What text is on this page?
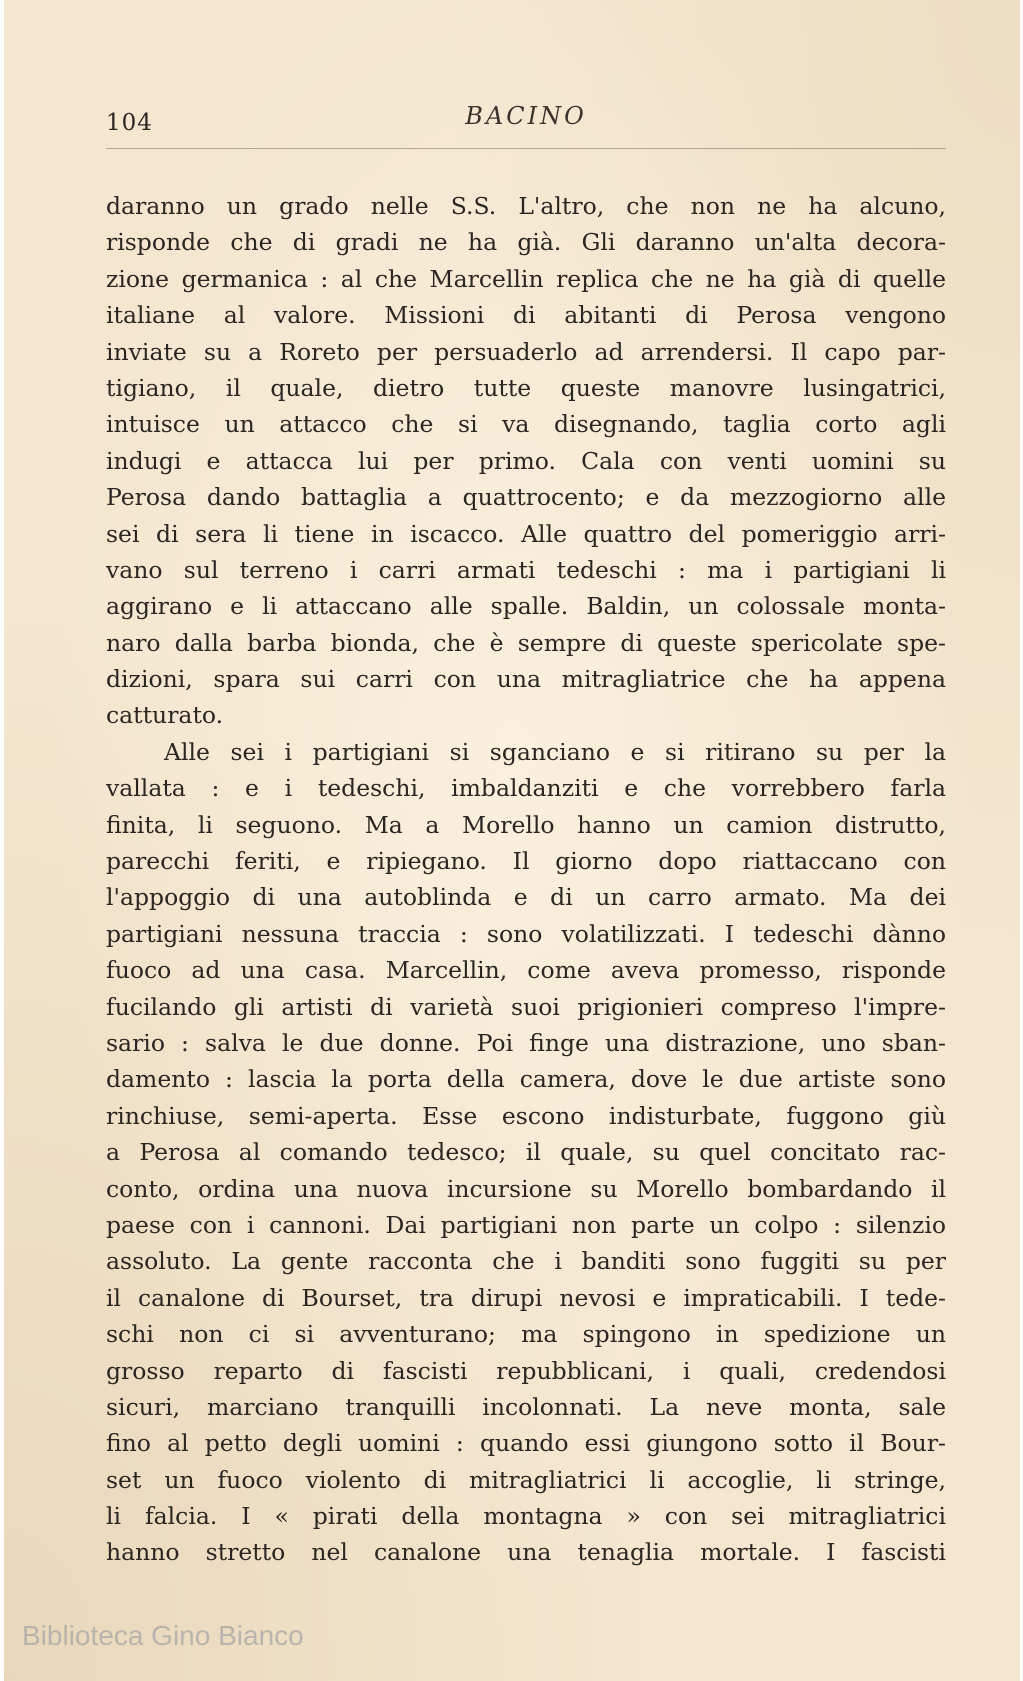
104	BACINO
daranno un grado nelle S.S. L'altro, che non ne ha alcuno,
risponde che di gradi ne ha già. Gli daranno un'alta decora-
zione germanica : al che Marcellin replica che ne ha già di quelle
italiane al valore. Missioni di abitanti di Perosa vengono
inviate su a Roreto per persuaderlo ad arrendersi. Il capo par-
tigiano, il quale, dietro tutte queste manovre lusingatrici,
intuisce un attacco che si va disegnando, taglia corto agli
indugi e attacca lui per primo. Cala con venti uomini su
Perosa dando battaglia a quattrocento; e da mezzogiorno alle
sei di sera li tiene in iscacco. Alle quattro del pomeriggio arri-
vano sul terreno i carri armati tedeschi : ma i partigiani li
aggirano e li attaccano alle spalle. Baldin, un colossale monta-
naro dalla barba bionda, che è sempre di queste spericolate spe-
dizioni, spara sui carri con una mitragliatrice che ha appena
catturato.
Alle sei i partigiani si sganciano e si ritirano su per la
vallata : e i tedeschi, imbaldanziti e che vorrebbero farla
finita, li seguono. Ma a Morello hanno un camion distrutto,
parecchi feriti, e ripiegano. Il giorno dopo riattaccano con
l'appoggio di una autoblinda e di un carro armato. Ma dei
partigiani nessuna traccia : sono volatilizzati. I tedeschi dànno
fuoco ad una casa. Marcellin, come aveva promesso, risponde
fucilando gli artisti di varietà suoi prigionieri compreso l'impre-
sario : salva le due donne. Poi finge una distrazione, uno sban-
damento : lascia la porta della camera, dove le due artiste sono
rinchiuse, semi-aperta. Esse escono indisturbate, fuggono giù
a Perosa al comando tedesco; il quale, su quel concitato rac-
conto, ordina una nuova incursione su Morello bombardando il
paese con i cannoni. Dai partigiani non parte un colpo : silenzio
assoluto. La gente racconta che i banditi sono fuggiti su per
il canalone di Bourset, tra dirupi nevosi e impraticabili. I tede-
schi non ci si avventurano; ma spingono in spedizione un
grosso reparto di fascisti repubblicani, i quali, credendosi
sicuri, marciano tranquilli incolonnati. La neve monta, sale
fino al petto degli uomini : quando essi giungono sotto il Bour-
set un fuoco violento di mitragliatrici li accoglie, li stringe,
li falcia. I « pirati della montagna » con sei mitragliatrici
hanno stretto nel canalone una tenaglia mortale. I fascisti
Biblioteca Gino Bianco
